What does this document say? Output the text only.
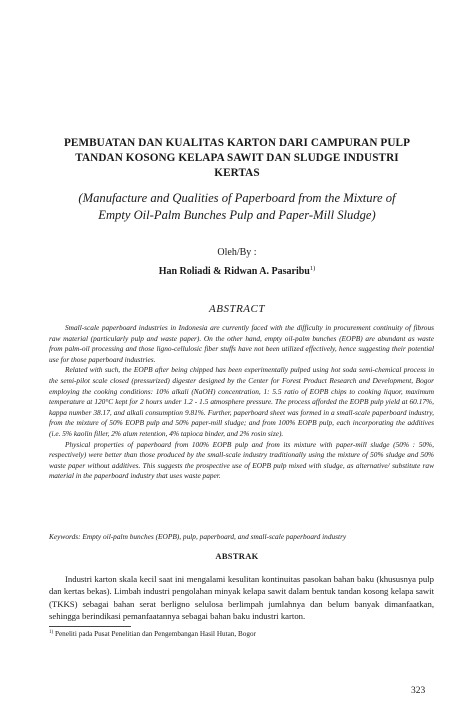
PEMBUATAN DAN KUALITAS KARTON DARI CAMPURAN PULP
TANDAN KOSONG KELAPA SAWIT DAN SLUDGE INDUSTRI
KERTAS
(Manufacture and Qualities of Paperboard from the Mixture of
Empty Oil-Palm Bunches Pulp and Paper-Mill Sludge)
Oleh/By :
Han Roliadi & Ridwan A. Pasaribu$^{1)}$
ABSTRACT

Small-scale paperboard industries in Indonesia are currently faced with the difficulty in procurement continuity of fibrous raw material (particularly pulp and waste paper). On the other hand, empty oil-palm bunches (EOPB) are abundant as waste from palm-oil processing and those ligno-cellulosic fiber stuffs have not been utilized effectively, hence suggesting their potential use for those paperboard industries.

Related with such, the EOPB after being chipped has been experimentally pulped using hot soda semi-chemical process in the semi-pilot scale closed (pressurized) digester designed by the Center for Forest Product Research and Development, Bogor employing the cooking conditions: 10% alkali (NaOH) concentration, 1: 5.5 ratio of EOPB chips to cooking liquor, maximum temperature at 120°C kept for 2 hours under 1.2 - 1.5 atmosphere pressure. The process afforded the EOPB pulp yield at 60.17%, kappa number 38.17, and alkali consumption 9.81%. Further, paperboard sheet was formed in a small-scale paperboard industry, from the mixture of 50% EOPB pulp and 50% paper-mill sludge; and from 100% EOPB pulp, each incorporating the additives (i.e. 5% kaolin filler, 2% alum retention, 4% tapioca binder, and 2% rosin size).

Physical properties of paperboard from 100% EOPB pulp and from its mixture with paper-mill sludge (50% : 50%, respectively) were better than those produced by the small-scale industry traditionally using the mixture of 50% sludge and 50% waste paper without additives. This suggests the prospective use of EOPB pulp mixed with sludge, as alternative/ substitute raw material in the paperboard industry that uses waste paper.

Keywords: Empty oil-palm bunches (EOPB), pulp, paperboard, and small-scale paperboard industry
ABSTRAK

Industri karton skala kecil saat ini mengalami kesulitan kontinuitas pasokan bahan baku (khususnya pulp dan kertas bekas). Limbah industri pengolahan minyak kelapa sawit dalam bentuk tandan kosong kelapa sawit (TKKS) sebagai bahan serat berligno selulosa berlimpah jumlahnya dan belum banyak dimanfaatkan, sehingga berindikasi pemanfaatannya sebagai bahan baku industri karton.

$^{1)}$ Peneliti pada Pusat Penelitian dan Pengembangan Hasil Hutan, Bogor
323
